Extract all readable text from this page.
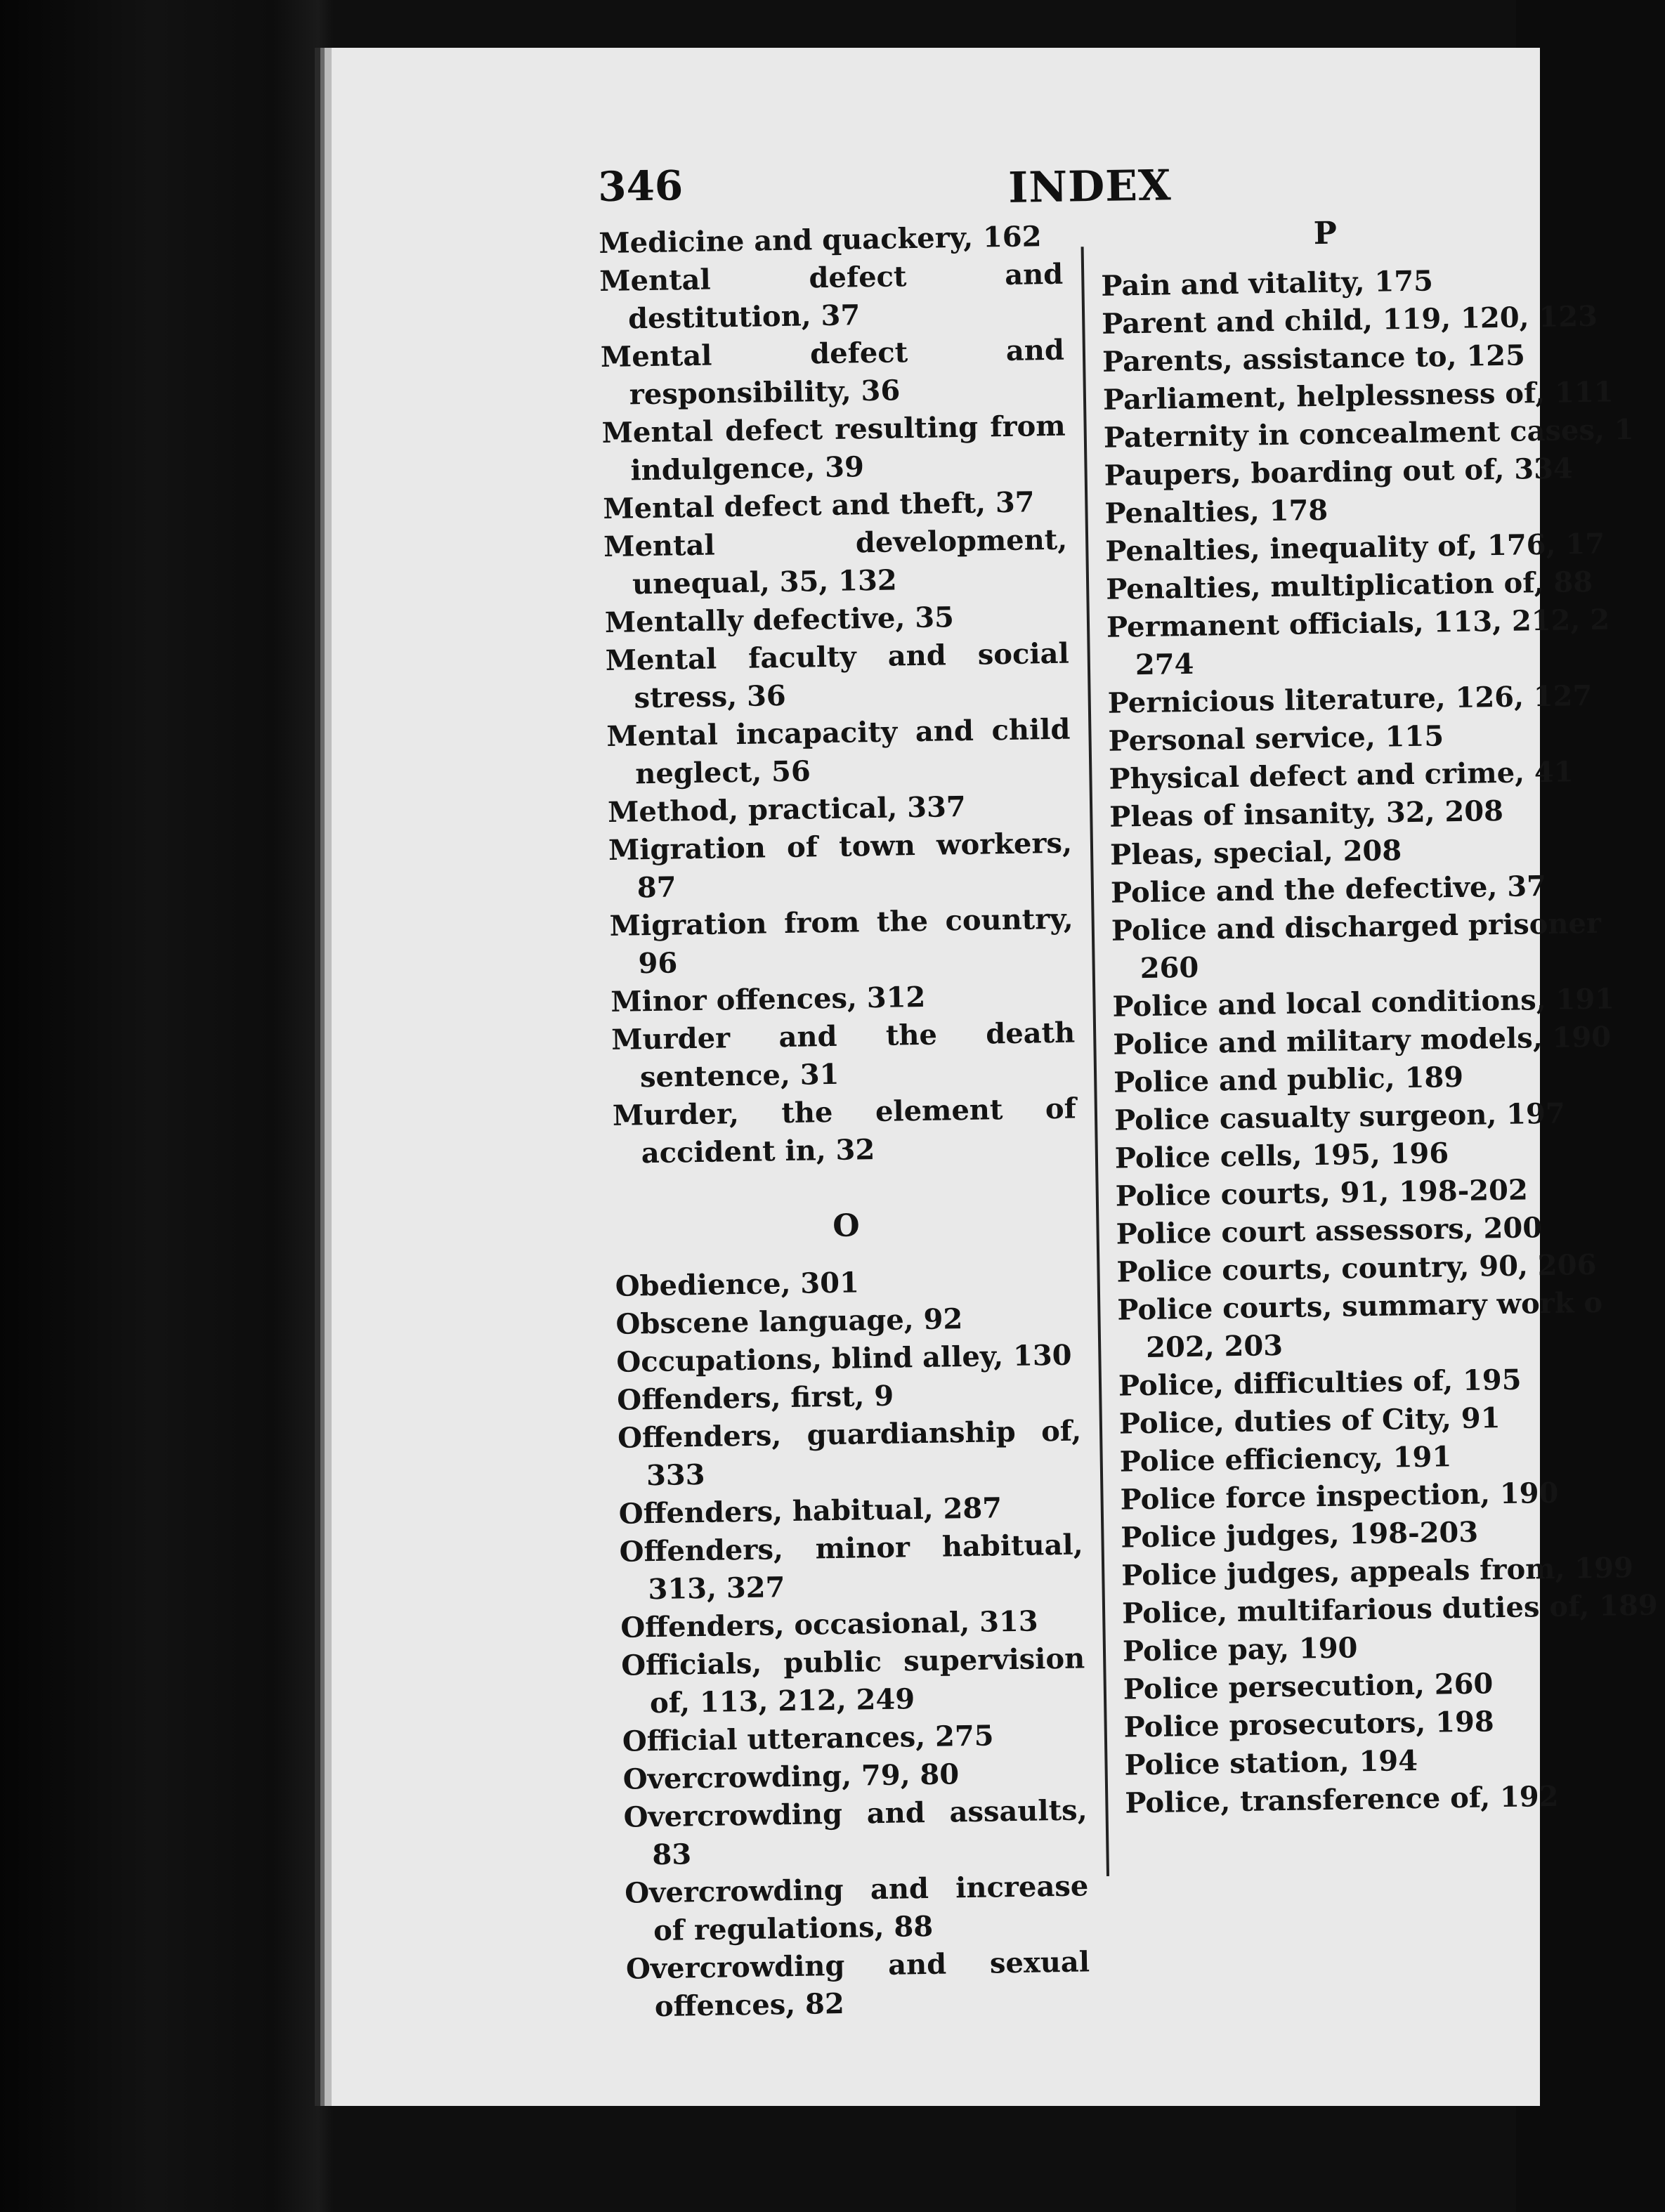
346	INDEX
Medicine and quackery, 162
Mental defect and destitution, 37
Mental defect and responsibility, 36
Mental defect resulting from indulgence, 39
Mental defect and theft, 37
Mental development, unequal, 35, 132
Mentally defective, 35
Mental faculty and social stress, 36
Mental incapacity and child neglect, 56
Method, practical, 337
Migration of town workers, 87
Migration from the country, 96
Minor offences, 312
Murder and the death sentence, 31
Murder, the element of accident in, 32
O
Obedience, 301
Obscene language, 92
Occupations, blind alley, 130
Offenders, first, 9
Offenders, guardianship of, 333
Offenders, habitual, 287
Offenders, minor habitual, 313, 327
Offenders, occasional, 313
Officials, public supervision of, 113, 212, 249
Official utterances, 275
Overcrowding, 79, 80
Overcrowding and assaults, 83
Overcrowding and increase of regulations, 88
Overcrowding and sexual offences, 82
P
Pain and vitality, 175
Parent and child, 119, 120, 123
Parents, assistance to, 125
Parliament, helplessness of, 111
Paternity in concealment cases, 1
Paupers, boarding out of, 334
Penalties, 178
Penalties, inequality of, 176, 17
Penalties, multiplication of, 88
Permanent officials, 113, 212, 2
274
Pernicious literature, 126, 127
Personal service, 115
Physical defect and crime, 41
Pleas of insanity, 32, 208
Pleas, special, 208
Police and the defective, 37
Police and discharged prisoner
260
Police and local conditions, 191
Police and military models, 190
Police and public, 189
Police casualty surgeon, 197
Police cells, 195, 196
Police courts, 91, 198-202
Police court assessors, 200
Police courts, country, 90, 206
Police courts, summary work o
202, 203
Police, difficulties of, 195
Police, duties of City, 91
Police efficiency, 191
Police force inspection, 190
Police judges, 198-203
Police judges, appeals from, 199
Police, multifarious duties of, 189
Police pay, 190
Police persecution, 260
Police prosecutors, 198
Police station, 194
Police, transference of, 192
